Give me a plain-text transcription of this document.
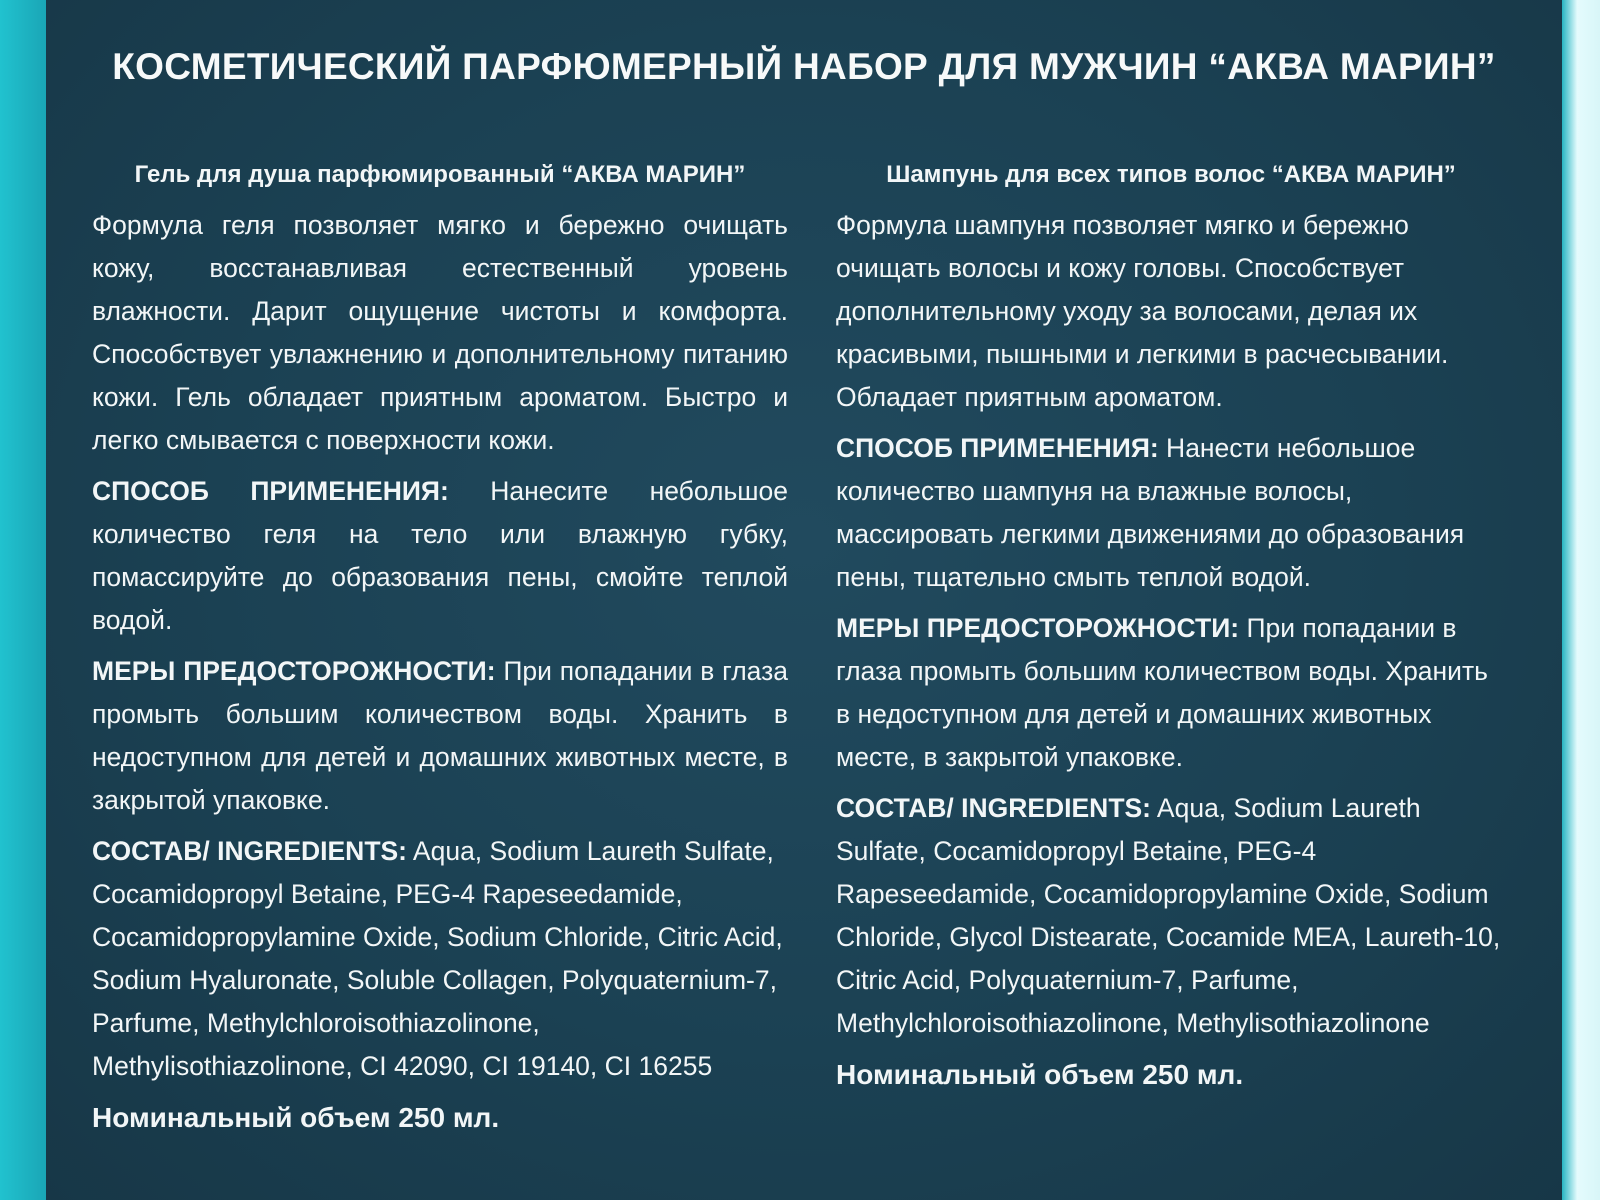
КОСМЕТИЧЕСКИЙ ПАРФЮМЕРНЫЙ НАБОР ДЛЯ МУЖЧИН “АКВА МАРИН”
Гель для душа парфюмированный “АКВА МАРИН”

Формула геля позволяет мягко и бережно очищать кожу, восстанавливая естественный уровень влажности. Дарит ощущение чистоты и комфорта. Способствует увлажнению и дополнительному питанию кожи. Гель обладает приятным ароматом. Быстро и легко смывается с поверхности кожи.

СПОСОБ ПРИМЕНЕНИЯ: Нанесите небольшое количество геля на тело или влажную губку, помассируйте до образования пены, смойте теплой водой.

МЕРЫ ПРЕДОСТОРОЖНОСТИ: При попадании в глаза промыть большим количеством воды. Хранить в недоступном для детей и домашних животных месте, в закрытой упаковке.

СОСТАВ/ INGREDIENTS: Aqua, Sodium Laureth Sulfate, Cocamidopropyl Betaine, PEG-4 Rapeseedamide, Cocamidopropylamine Oxide, Sodium Chloride, Citric Acid, Sodium Hyaluronate, Soluble Collagen, Polyquaternium-7, Parfume, Methylchloroisothiazolinone, Methylisothiazolinone, CI 42090, CI 19140, CI 16255

Номинальный объем 250 мл.
Шампунь для всех типов волос “АКВА МАРИН”

Формула шампуня позволяет мягко и бережно очищать волосы и кожу головы. Способствует дополнительному уходу за волосами, делая их красивыми, пышными и легкими в расчесывании. Обладает приятным ароматом.

СПОСОБ ПРИМЕНЕНИЯ: Нанести небольшое количество шампуня на влажные волосы, массировать легкими движениями до образования пены, тщательно смыть теплой водой.

МЕРЫ ПРЕДОСТОРОЖНОСТИ: При попадании в глаза промыть большим количеством воды. Хранить в недоступном для детей и домашних животных месте, в закрытой упаковке.

СОСТАВ/ INGREDIENTS: Aqua, Sodium Laureth Sulfate, Cocamidopropyl Betaine, PEG-4 Rapeseedamide, Cocamidopropylamine Oxide, Sodium Chloride, Glycol Distearate, Cocamide MEA, Laureth-10, Citric Acid, Polyquaternium-7, Parfume, Methylchloroisothiazolinone, Methylisothiazolinone

Номинальный объем 250 мл.
